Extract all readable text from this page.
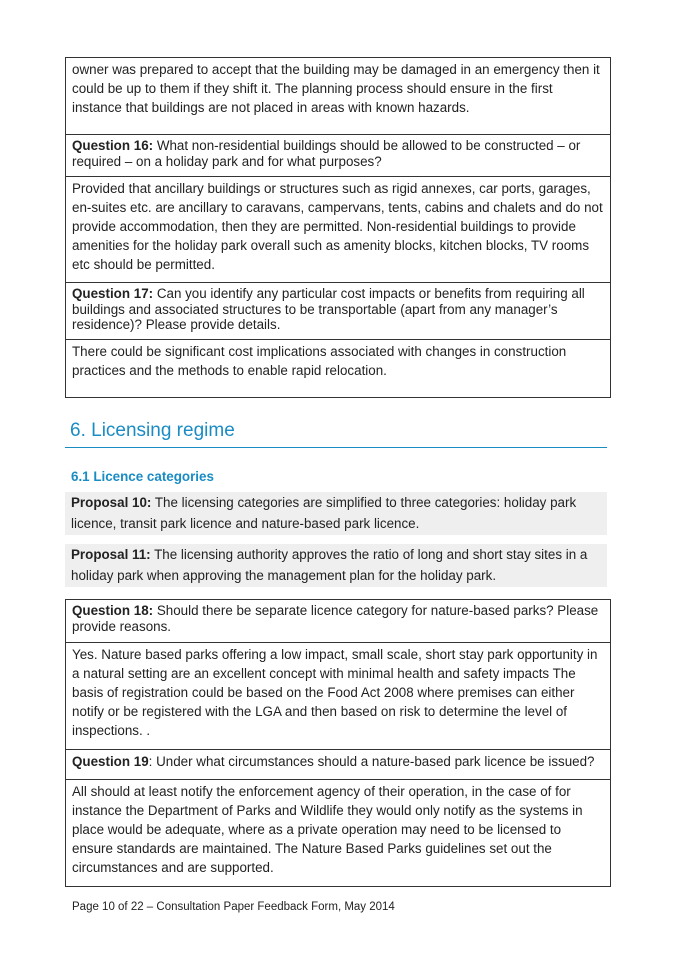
owner was prepared to accept that the building may be damaged in an emergency then it could be up to them if they shift it. The planning process should ensure in the first instance that buildings are not placed in areas with known hazards.
Question 16: What non-residential buildings should be allowed to be constructed – or required – on a holiday park and for what purposes?
Provided that ancillary buildings or structures such as rigid annexes, car ports, garages, en-suites etc. are ancillary to caravans, campervans, tents, cabins and chalets and do not provide accommodation, then they are permitted. Non-residential buildings to provide amenities for the holiday park overall such as amenity blocks, kitchen blocks, TV rooms etc should be permitted.
Question 17: Can you identify any particular cost impacts or benefits from requiring all buildings and associated structures to be transportable (apart from any manager’s residence)? Please provide details.
There could be significant cost implications associated with changes in construction practices and the methods to enable rapid relocation.
6. Licensing regime
6.1 Licence categories
Proposal 10: The licensing categories are simplified to three categories: holiday park licence, transit park licence and nature-based park licence.
Proposal 11: The licensing authority approves the ratio of long and short stay sites in a holiday park when approving the management plan for the holiday park.
Question 18: Should there be separate licence category for nature-based parks? Please provide reasons.
Yes. Nature based parks offering a low impact, small scale, short stay park opportunity in a natural setting are an excellent concept with minimal health and safety impacts The basis of registration could be based on the Food Act 2008 where premises can either notify or be registered with the LGA and then based on risk to determine the level of inspections. .
Question 19: Under what circumstances should a nature-based park licence be issued?
All should at least notify the enforcement agency of their operation, in the case of for instance the Department of Parks and Wildlife they would only notify as the systems in place would be adequate, where as a private operation may need to be licensed to ensure standards are maintained. The Nature Based Parks guidelines set out the circumstances and are supported.
Page 10 of 22 – Consultation Paper Feedback Form, May 2014
